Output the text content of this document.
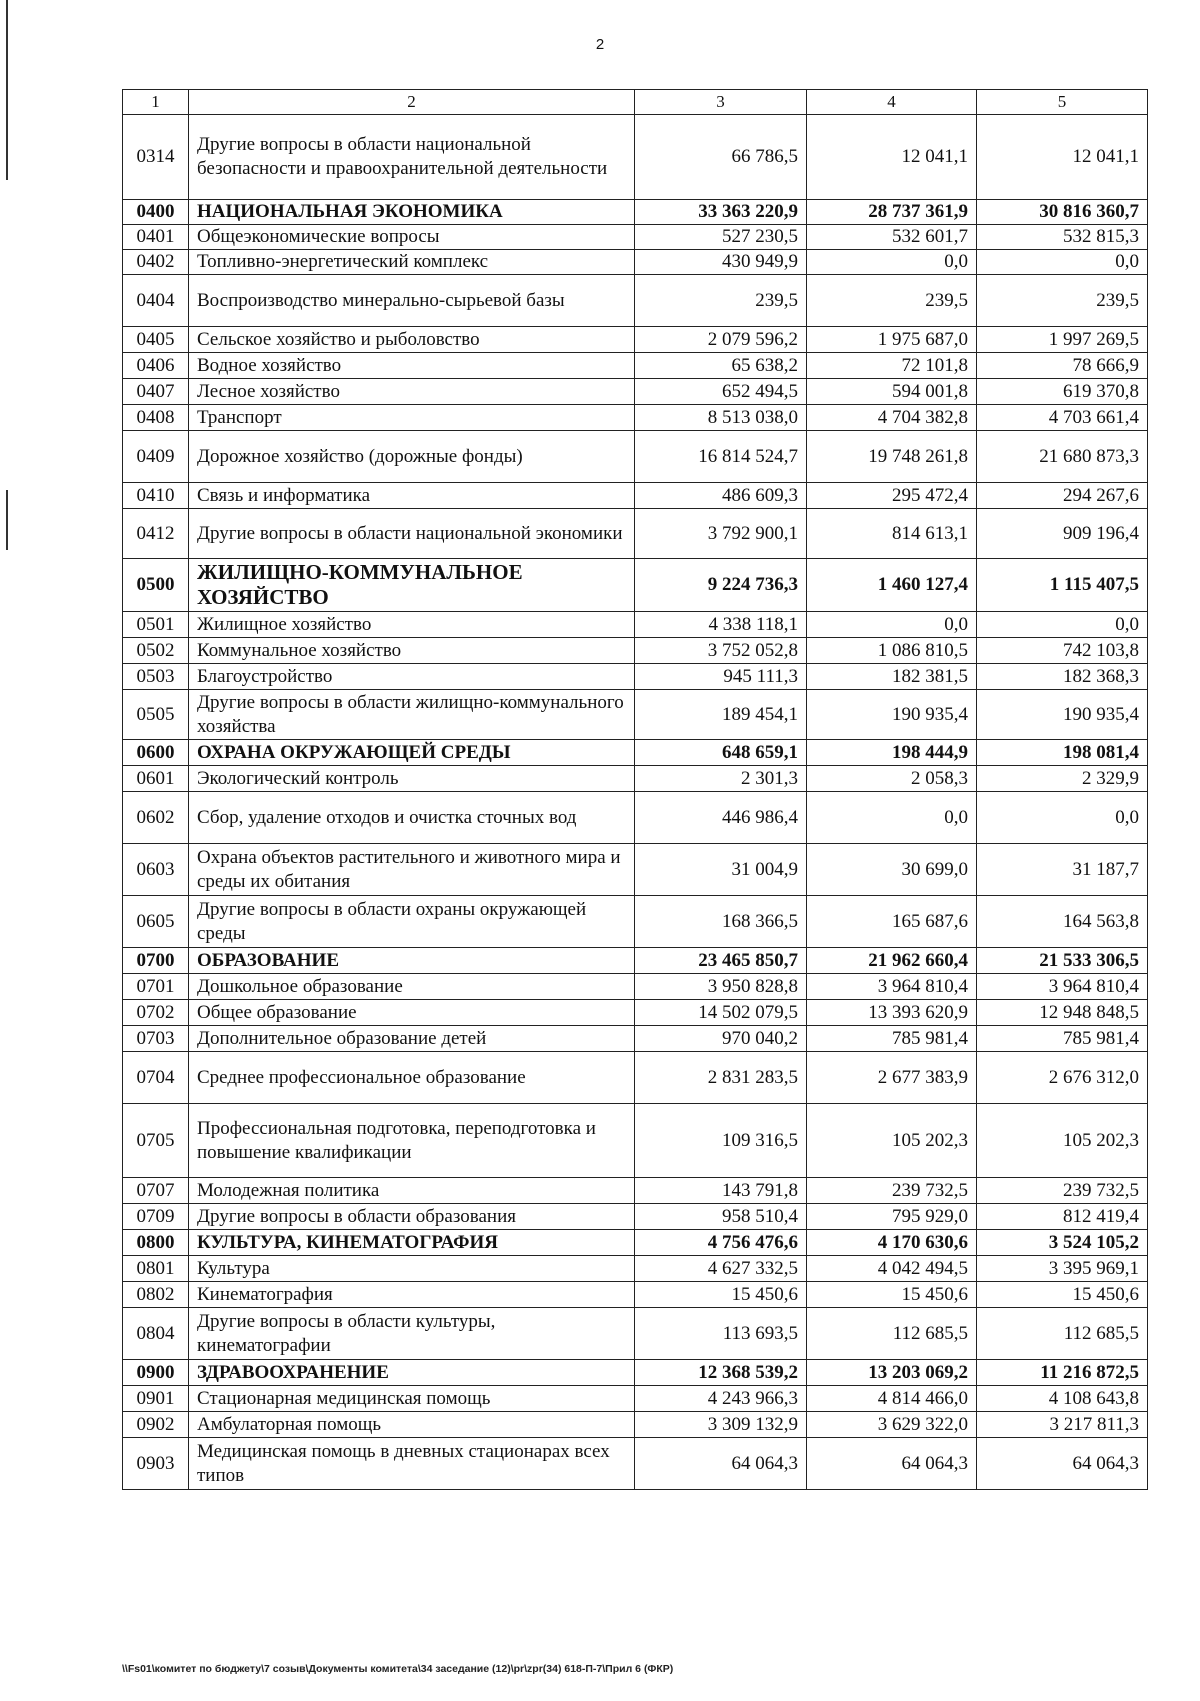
2
1	2	3	4	5
0314	Другие вопросы в области национальной безопасности и правоохранительной деятельности	66 786,5	12 041,1	12 041,1
0400	НАЦИОНАЛЬНАЯ ЭКОНОМИКА	33 363 220,9	28 737 361,9	30 816 360,7
0401	Общеэкономические вопросы	527 230,5	532 601,7	532 815,3
0402	Топливно-энергетический комплекс	430 949,9	0,0	0,0
0404	Воспроизводство минерально-сырьевой базы	239,5	239,5	239,5
0405	Сельское хозяйство и рыболовство	2 079 596,2	1 975 687,0	1 997 269,5
0406	Водное хозяйство	65 638,2	72 101,8	78 666,9
0407	Лесное хозяйство	652 494,5	594 001,8	619 370,8
0408	Транспорт	8 513 038,0	4 704 382,8	4 703 661,4
0409	Дорожное хозяйство (дорожные фонды)	16 814 524,7	19 748 261,8	21 680 873,3
0410	Связь и информатика	486 609,3	295 472,4	294 267,6
0412	Другие вопросы в области национальной экономики	3 792 900,1	814 613,1	909 196,4
0500	ЖИЛИЩНО-КОММУНАЛЬНОЕ ХОЗЯЙСТВО	9 224 736,3	1 460 127,4	1 115 407,5
0501	Жилищное хозяйство	4 338 118,1	0,0	0,0
0502	Коммунальное хозяйство	3 752 052,8	1 086 810,5	742 103,8
0503	Благоустройство	945 111,3	182 381,5	182 368,3
0505	Другие вопросы в области жилищно-коммунального хозяйства	189 454,1	190 935,4	190 935,4
0600	ОХРАНА ОКРУЖАЮЩЕЙ СРЕДЫ	648 659,1	198 444,9	198 081,4
0601	Экологический контроль	2 301,3	2 058,3	2 329,9
0602	Сбор, удаление отходов и очистка сточных вод	446 986,4	0,0	0,0
0603	Охрана объектов растительного и животного мира и среды их обитания	31 004,9	30 699,0	31 187,7
0605	Другие вопросы в области охраны окружающей среды	168 366,5	165 687,6	164 563,8
0700	ОБРАЗОВАНИЕ	23 465 850,7	21 962 660,4	21 533 306,5
0701	Дошкольное образование	3 950 828,8	3 964 810,4	3 964 810,4
0702	Общее образование	14 502 079,5	13 393 620,9	12 948 848,5
0703	Дополнительное образование детей	970 040,2	785 981,4	785 981,4
0704	Среднее профессиональное образование	2 831 283,5	2 677 383,9	2 676 312,0
0705	Профессиональная подготовка, переподготовка и повышение квалификации	109 316,5	105 202,3	105 202,3
0707	Молодежная политика	143 791,8	239 732,5	239 732,5
0709	Другие вопросы в области образования	958 510,4	795 929,0	812 419,4
0800	КУЛЬТУРА, КИНЕМАТОГРАФИЯ	4 756 476,6	4 170 630,6	3 524 105,2
0801	Культура	4 627 332,5	4 042 494,5	3 395 969,1
0802	Кинематография	15 450,6	15 450,6	15 450,6
0804	Другие вопросы в области культуры, кинематографии	113 693,5	112 685,5	112 685,5
0900	ЗДРАВООХРАНЕНИЕ	12 368 539,2	13 203 069,2	11 216 872,5
0901	Стационарная медицинская помощь	4 243 966,3	4 814 466,0	4 108 643,8
0902	Амбулаторная помощь	3 309 132,9	3 629 322,0	3 217 811,3
0903	Медицинская помощь в дневных стационарах всех типов	64 064,3	64 064,3	64 064,3
\\Fs01\комитет по бюджету\7 созыв\Документы комитета\34 заседание (12)\pr\zpr(34) 618-П-7\Прил 6 (ФКР)
